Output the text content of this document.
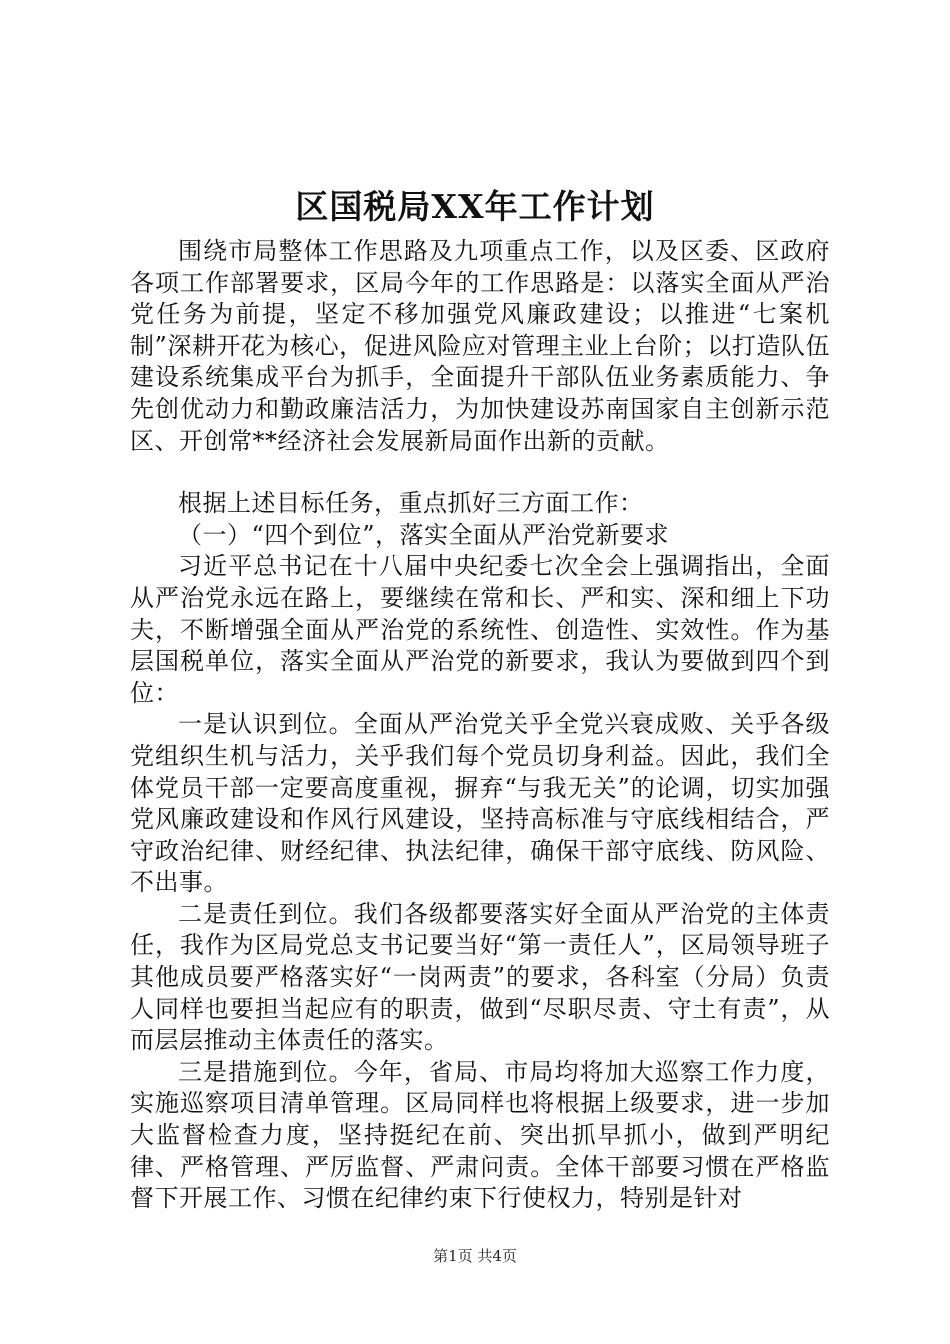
区国税局XX年工作计划

围绕市局整体工作思路及九项重点工作，以及区委、区政府各项工作部署要求，区局今年的工作思路是：以落实全面从严治党任务为前提，坚定不移加强党风廉政建设；以推进“七案机制”深耕开花为核心，促进风险应对管理主业上台阶；以打造队伍建设系统集成平台为抓手，全面提升干部队伍业务素质能力、争先创优动力和勤政廉洁活力，为加快建设苏南国家自主创新示范区、开创常**经济社会发展新局面作出新的贡献。

根据上述目标任务，重点抓好三方面工作：

（一）“四个到位”，落实全面从严治党新要求

习近平总书记在十八届中央纪委七次全会上强调指出，全面从严治党永远在路上，要继续在常和长、严和实、深和细上下功夫，不断增强全面从严治党的系统性、创造性、实效性。作为基层国税单位，落实全面从严治党的新要求，我认为要做到四个到位：

一是认识到位。全面从严治党关乎全党兴衰成败、关乎各级党组织生机与活力，关乎我们每个党员切身利益。因此，我们全体党员干部一定要高度重视，摒弃“与我无关”的论调，切实加强党风廉政建设和作风行风建设，坚持高标准与守底线相结合，严守政治纪律、财经纪律、执法纪律，确保干部守底线、防风险、不出事。

二是责任到位。我们各级都要落实好全面从严治党的主体责任，我作为区局党总支书记要当好“第一责任人”，区局领导班子其他成员要严格落实好“一岗两责”的要求，各科室（分局）负责人同样也要担当起应有的职责，做到“尽职尽责、守土有责”，从而层层推动主体责任的落实。

三是措施到位。今年，省局、市局均将加大巡察工作力度，实施巡察项目清单管理。区局同样也将根据上级要求，进一步加大监督检查力度，坚持挺纪在前、突出抓早抓小，做到严明纪律、严格管理、严厉监督、严肃问责。全体干部要习惯在严格监督下开展工作、习惯在纪律约束下行使权力，特别是针对

第1页 共4页
